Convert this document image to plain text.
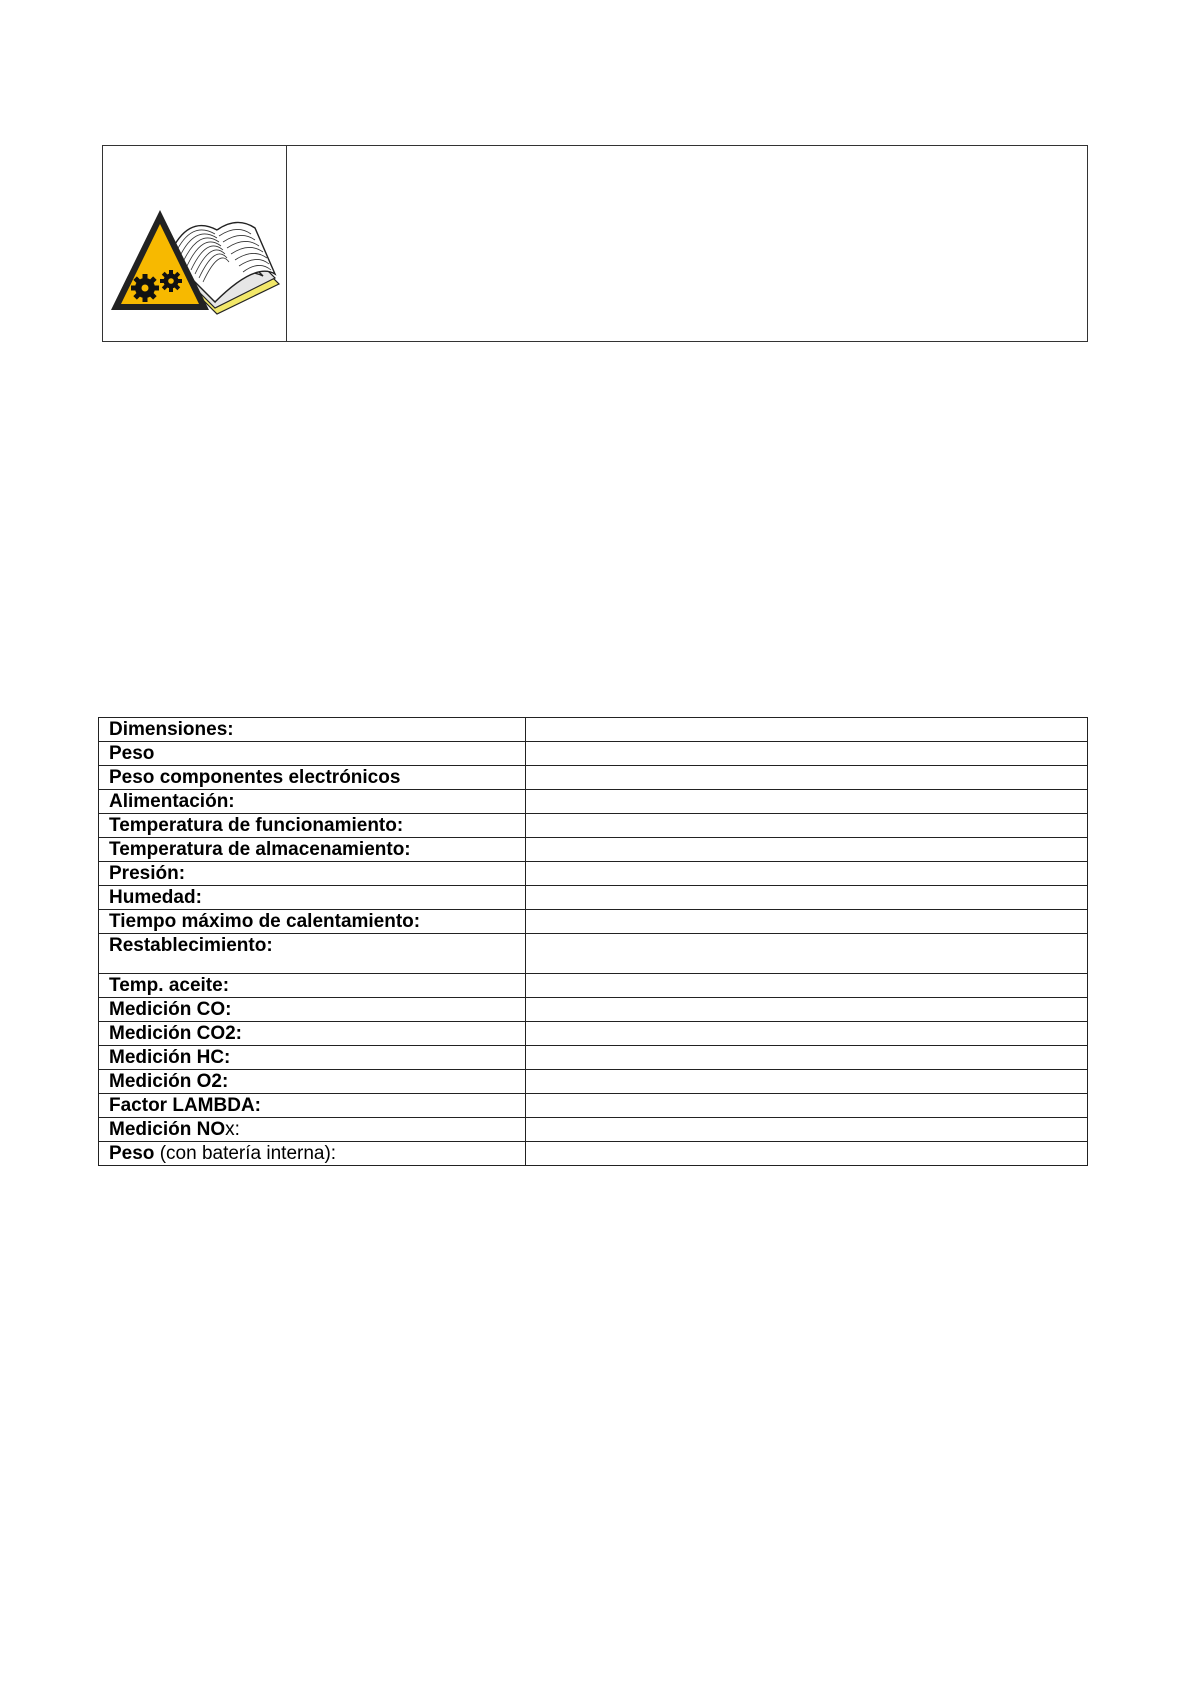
Dimensiones:	
Peso	
Peso componentes electrónicos	
Alimentación:	
Temperatura de funcionamiento:	
Temperatura de almacenamiento:	
Presión:	
Humedad:	
Tiempo máximo de calentamiento:	
Restablecimiento:	
Temp. aceite:	
Medición CO:	
Medición CO2:	
Medición HC:	
Medición O2:	
Factor LAMBDA:	
Medición NOx:	
Peso (con batería interna):	
